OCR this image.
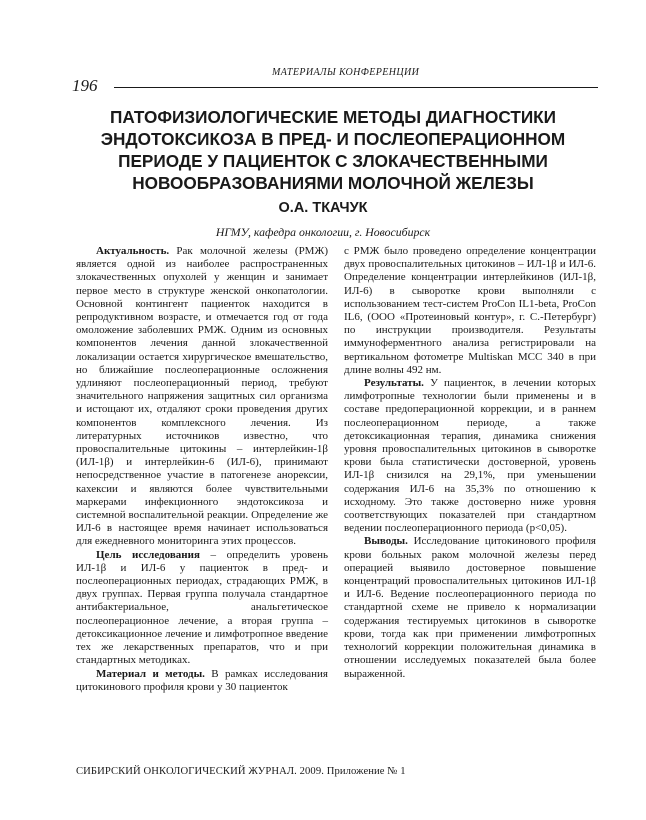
МАТЕРИАЛЫ КОНФЕРЕНЦИИ
196
ПАТОФИЗИОЛОГИЧЕСКИЕ МЕТОДЫ ДИАГНОСТИКИ
ЭНДОТОКСИКОЗА В ПРЕД- И ПОСЛЕОПЕРАЦИОННОМ
ПЕРИОДЕ У ПАЦИЕНТОК С ЗЛОКАЧЕСТВЕННЫМИ
НОВООБРАЗОВАНИЯМИ МОЛОЧНОЙ ЖЕЛЕЗЫ
О.А. ТКАЧУК
НГМУ, кафедра онкологии, г. Новосибирск

Актуальность. Рак молочной железы (РМЖ) является одной из наиболее распространенных злокачественных опухолей у женщин и занимает первое место в структуре женской онкопатологии. Основной контингент пациенток находится в репродуктивном возрасте, и отмечается год от года омоложение заболевших РМЖ. Одним из основных компонентов лечения данной злокачественной локализации остается хирургическое вмешательство, но ближайшие послеоперационные осложнения удлиняют послеоперационный период, требуют значительного напряжения защитных сил организма и истощают их, отдаляют сроки проведения других компонентов комплексного лечения. Из литературных источников известно, что провоспалительные цитокины – интерлейкин-1β (ИЛ-1β) и интерлейкин-6 (ИЛ-6), принимают непосредственное участие в патогенезе анорексии, кахексии и являются более чувствительными маркерами инфекционного эндотоксикоза и системной воспалительной реакции. Определение же ИЛ-6 в настоящее время начинает использоваться для ежедневного мониторинга этих процессов.

Цель исследования – определить уровень ИЛ-1β и ИЛ-6 у пациенток в пред- и послеоперационных периодах, страдающих РМЖ, в двух группах. Первая группа получала стандартное антибактериальное, анальгетическое послеоперационное лечение, а вторая группа – детоксикационное лечение и лимфотропное введение тех же лекарственных препаратов, что и при стандартных методиках.

Материал и методы. В рамках исследования цитокинового профиля крови у 30 пациенток

с РМЖ было проведено определение концентрации двух провоспалительных цитокинов – ИЛ-1β и ИЛ-6. Определение концентрации интерлейкинов (ИЛ-1β, ИЛ-6) в сыворотке крови выполняли с использованием тест-систем ProCon IL1-beta, ProCon IL6, (ООО «Протеиновый контур», г. С.-Петербург) по инструкции производителя. Результаты иммуноферментного анализа регистрировали на вертикальном фотометре Multiskan MCC 340 в при длине волны 492 нм.

Результаты. У пациенток, в лечении которых лимфотропные технологии были применены и в составе предоперационной коррекции, и в раннем послеоперационном периоде, а также детоксикационная терапия, динамика снижения уровня провоспалительных цитокинов в сыворотке крови была статистически достоверной, уровень ИЛ-1β снизился на 29,1%, при уменьшении содержания ИЛ-6 на 35,3% по отношению к исходному. Это также достоверно ниже уровня соответствующих показателей при стандартном ведении послеоперационного периода (р<0,05).

Выводы. Исследование цитокинового профиля крови больных раком молочной железы перед операцией выявило достоверное повышение концентраций провоспалительных цитокинов ИЛ-1β и ИЛ-6. Ведение послеоперационного периода по стандартной схеме не привело к нормализации содержания тестируемых цитокинов в сыворотке крови, тогда как при применении лимфотропных технологий коррекции положительная динамика в отношении исследуемых показателей была более выраженной.

СИБИРСКИЙ ОНКОЛОГИЧЕСКИЙ ЖУРНАЛ. 2009. Приложение № 1
